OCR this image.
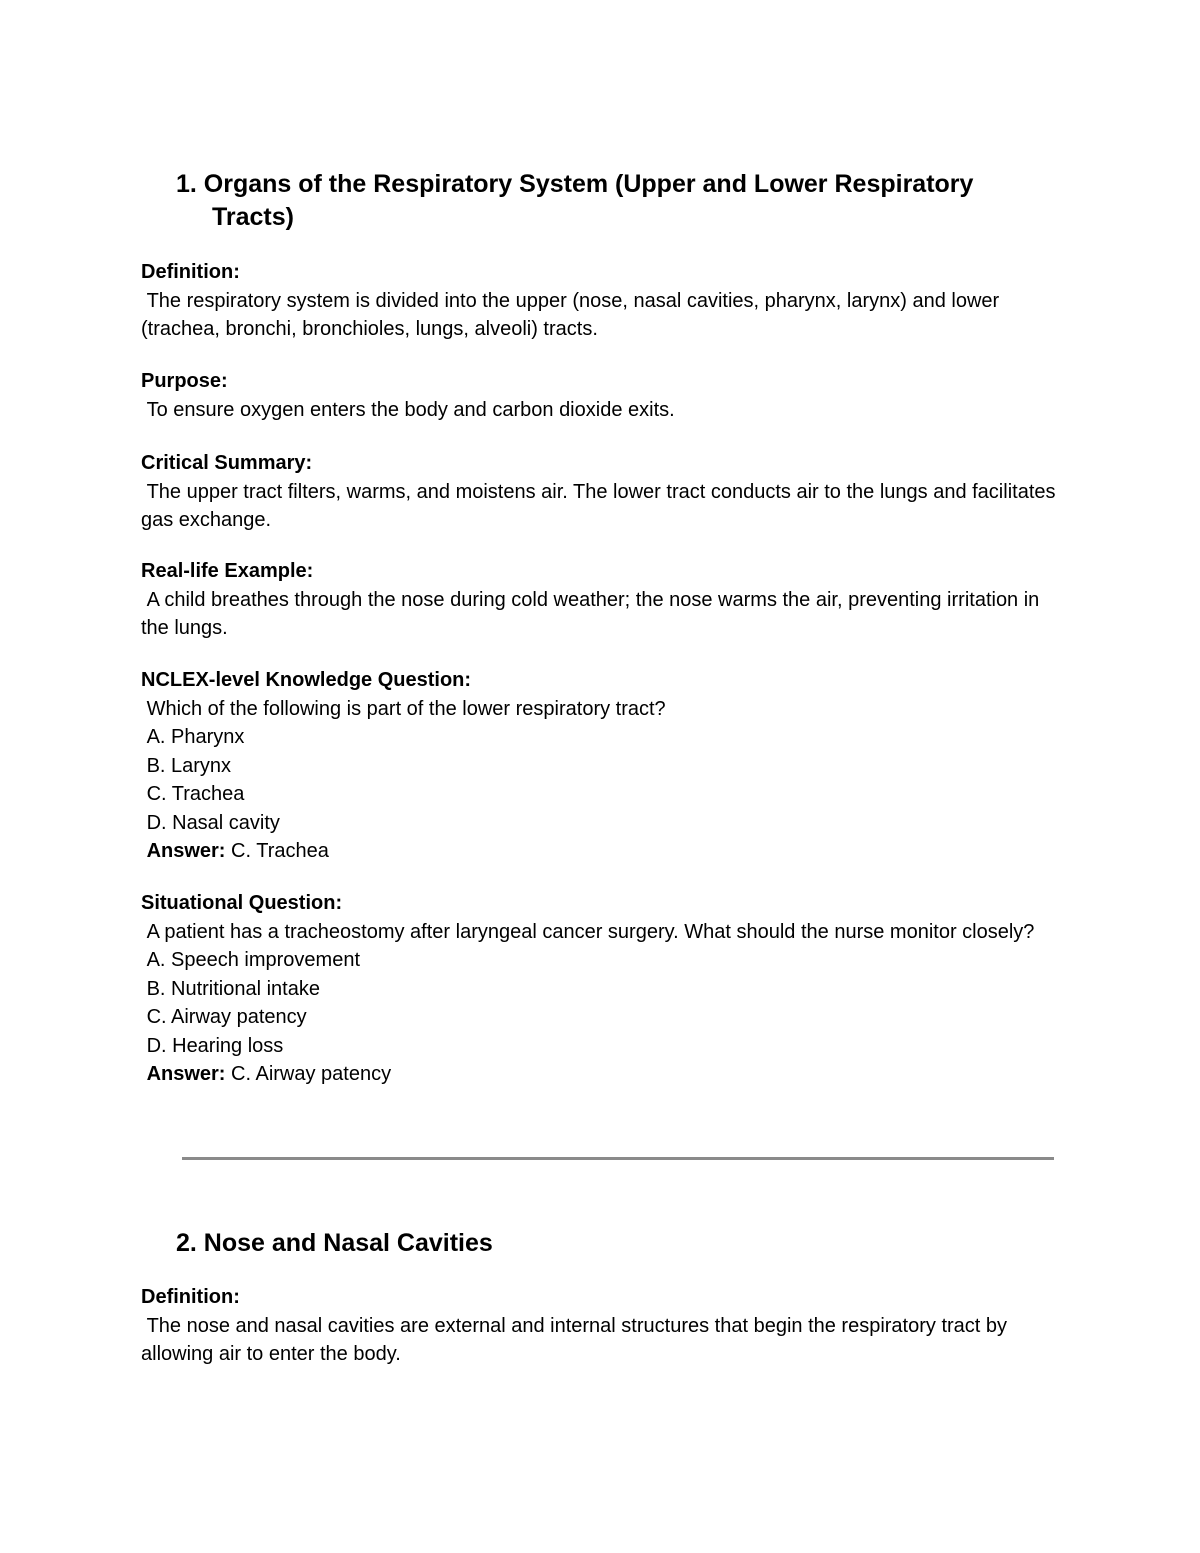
1. Organs of the Respiratory System (Upper and Lower Respiratory
Tracts)
Definition:
The respiratory system is divided into the upper (nose, nasal cavities, pharynx, larynx) and lower (trachea, bronchi, bronchioles, lungs, alveoli) tracts.
Purpose:
To ensure oxygen enters the body and carbon dioxide exits.
Critical Summary:
The upper tract filters, warms, and moistens air. The lower tract conducts air to the lungs and facilitates gas exchange.
Real-life Example:
A child breathes through the nose during cold weather; the nose warms the air, preventing irritation in the lungs.
NCLEX-level Knowledge Question:
Which of the following is part of the lower respiratory tract?
A. Pharynx
B. Larynx
C. Trachea
D. Nasal cavity
Answer: C. Trachea
Situational Question:
A patient has a tracheostomy after laryngeal cancer surgery. What should the nurse monitor closely?
A. Speech improvement
B. Nutritional intake
C. Airway patency
D. Hearing loss
Answer: C. Airway patency
2. Nose and Nasal Cavities
Definition:
The nose and nasal cavities are external and internal structures that begin the respiratory tract by allowing air to enter the body.
